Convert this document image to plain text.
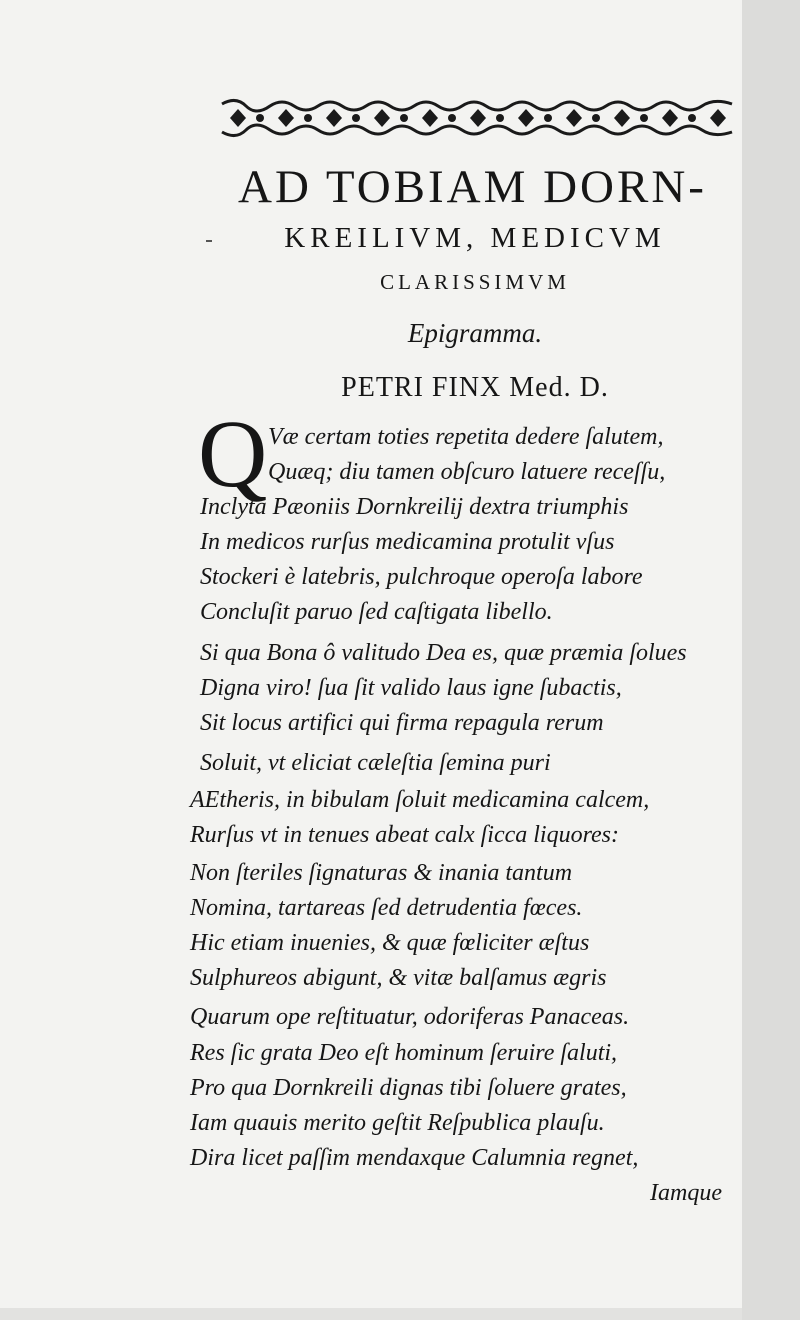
AD TOBIAM DORN-
KREILIVM, MEDICVM
CLARISSIMVM
Epigramma.
PETRI FINX Med. D.
Q Væ certam toties repetita dedere ſalutem,
Quæq; diu tamen obſcuro latuere receſſu,
Inclyta Pæoniis Dornkreilij dextra triumphis
In medicos rurſus medicamina protulit vſus
Stockeri è latebris, pulchroque operoſa labore
Concluſit paruo ſed caſtigata libello.
Si qua Bona ô valitudo Dea es, quæ præmia ſolues
Digna viro! ſua ſit valido laus igne ſubactis,
Sit locus artifici qui firma repagula rerum
Soluit, vt eliciat cæleſtia ſemina puri
AEtheris, in bibulam ſoluit medicamina calcem,
Rurſus vt in tenues abeat calx ſicca liquores:
Non ſteriles ſignaturas & inania tantum
Nomina, tartareas ſed detrudentia fœces.
Hic etiam inuenies, & quæ fœliciter æſtus
Sulphureos abigunt, & vitæ balſamus ægris
Quarum ope reſtituatur, odoriferas Panaceas.
Res ſic grata Deo eſt hominum ſeruire ſaluti,
Pro qua Dornkreili dignas tibi ſoluere grates,
Iam quauis merito geſtit Reſpublica plauſu.
Dira licet paſſim mendaxque Calumnia regnet,
Iamque
